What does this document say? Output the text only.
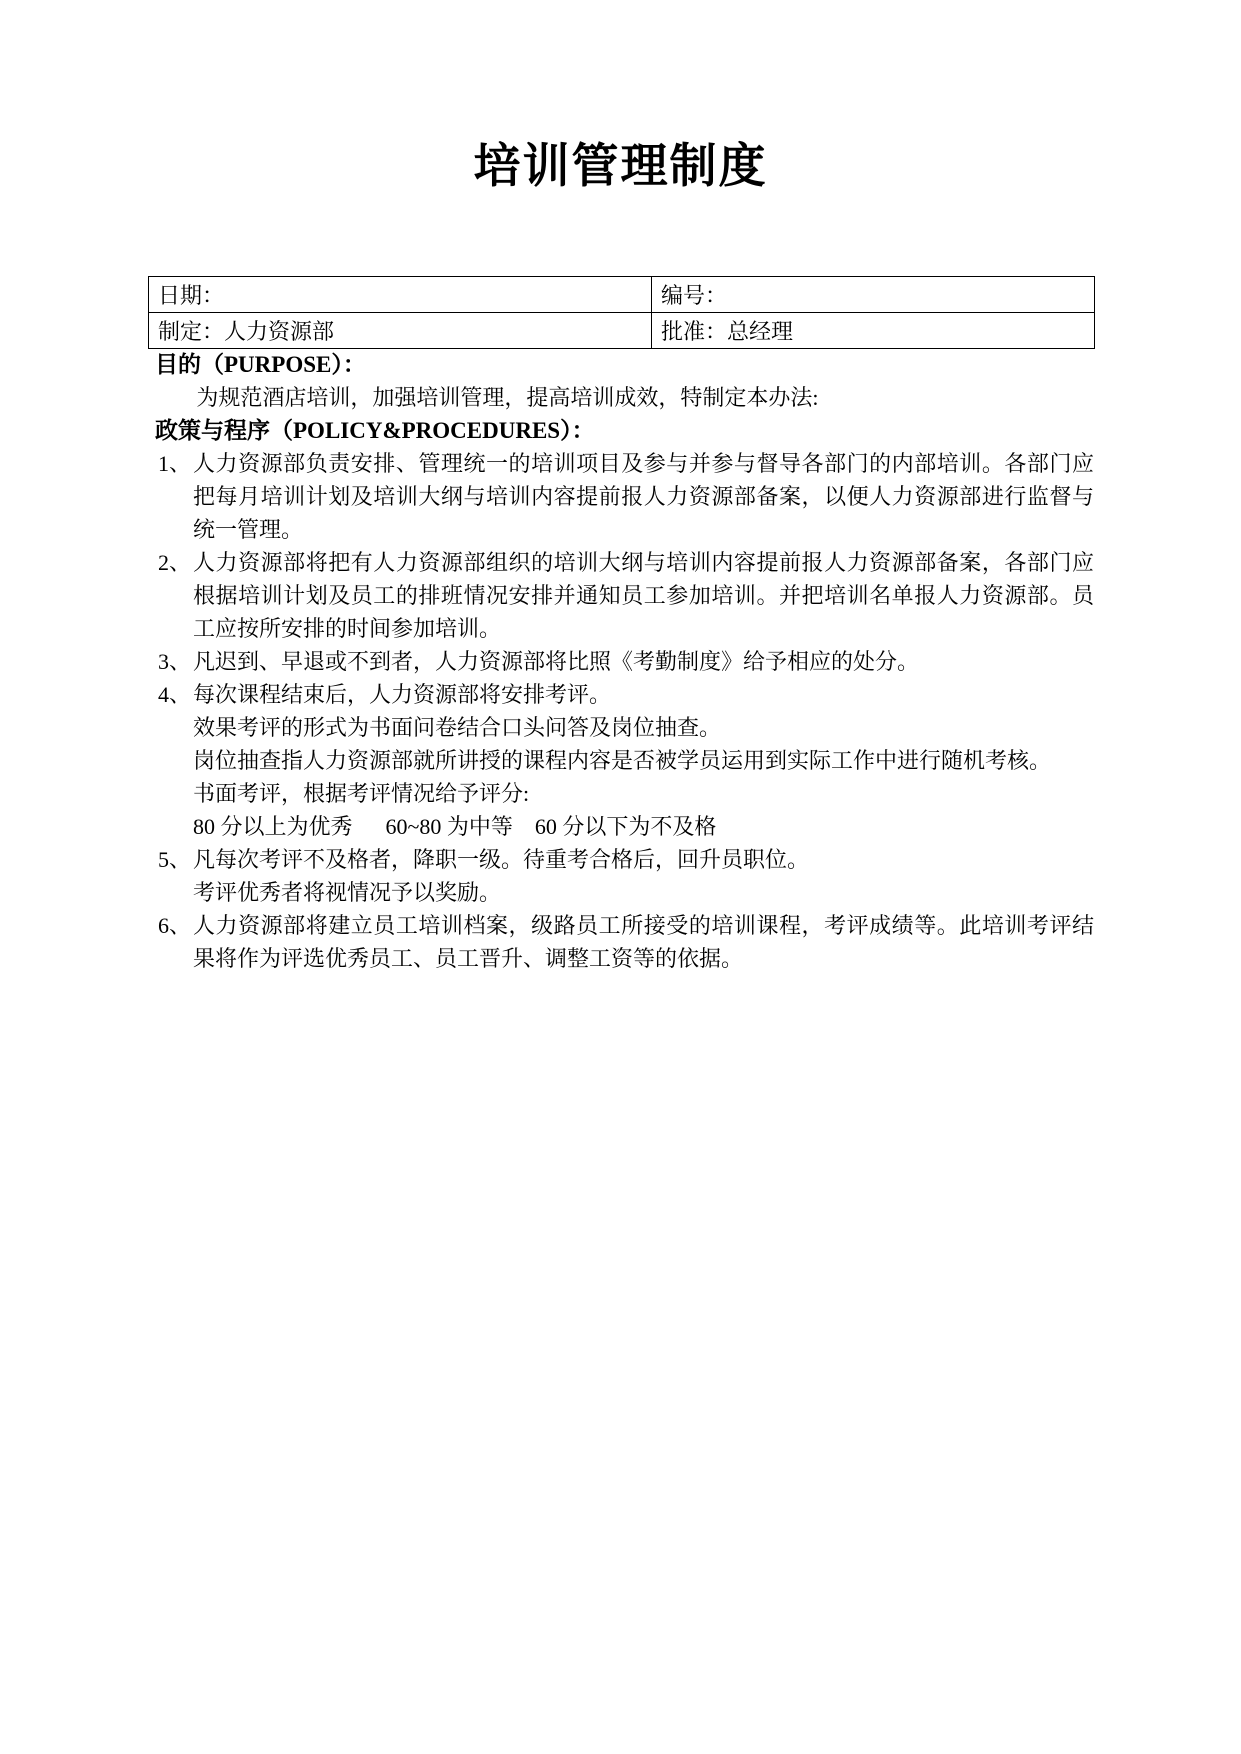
培训管理制度
日期：	编号：
制定：人力资源部	批准：总经理
目的（PURPOSE）：

为规范酒店培训，加强培训管理，提高培训成效，特制定本办法:

政策与程序（POLICY&PROCEDURES）：
1、 人力资源部负责安排、管理统一的培训项目及参与并参与督导各部门的内部培训。各部门应把每月培训计划及培训大纲与培训内容提前报人力资源部备案，以便人力资源部进行监督与统一管理。

2、 人力资源部将把有人力资源部组织的培训大纲与培训内容提前报人力资源部备案，各部门应根据培训计划及员工的排班情况安排并通知员工参加培训。并把培训名单报人力资源部。员工应按所安排的时间参加培训。

3、 凡迟到、早退或不到者，人力资源部将比照《考勤制度》给予相应的处分。

4、 每次课程结束后，人力资源部将安排考评。

效果考评的形式为书面问卷结合口头问答及岗位抽查。

岗位抽查指人力资源部就所讲授的课程内容是否被学员运用到实际工作中进行随机考核。

书面考评，根据考评情况给予评分:

80 分以上为优秀      60~80 为中等    60 分以下为不及格

5、 凡每次考评不及格者，降职一级。待重考合格后，回升员职位。

考评优秀者将视情况予以奖励。

6、 人力资源部将建立员工培训档案，级路员工所接受的培训课程，考评成绩等。此培训考评结果将作为评选优秀员工、员工晋升、调整工资等的依据。
